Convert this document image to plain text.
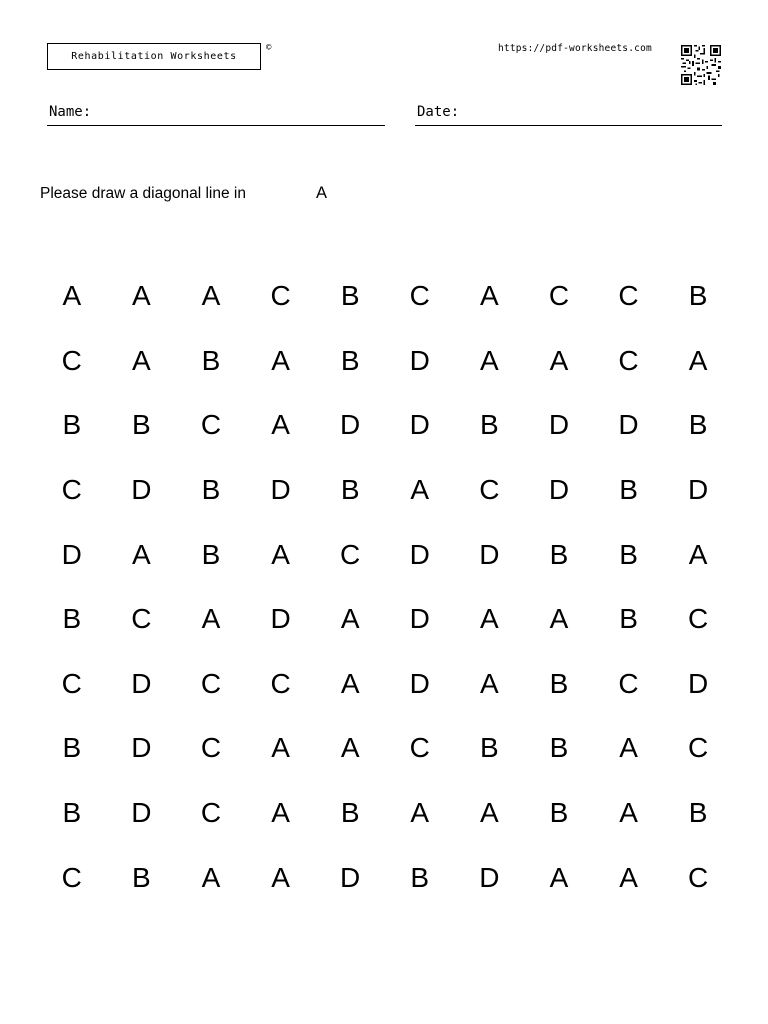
Rehabilitation Worksheets
©	https://pdf-worksheets.com
Name:	Date:
Please draw a diagonal line in	A
A	A	A	C	B	C	A	C	C	B
C	A	B	A	B	D	A	A	C	A
B	B	C	A	D	D	B	D	D	B
C	D	B	D	B	A	C	D	B	D
D	A	B	A	C	D	D	B	B	A
B	C	A	D	A	D	A	A	B	C
C	D	C	C	A	D	A	B	C	D
B	D	C	A	A	C	B	B	A	C
B	D	C	A	B	A	A	B	A	B
C	B	A	A	D	B	D	A	A	C
